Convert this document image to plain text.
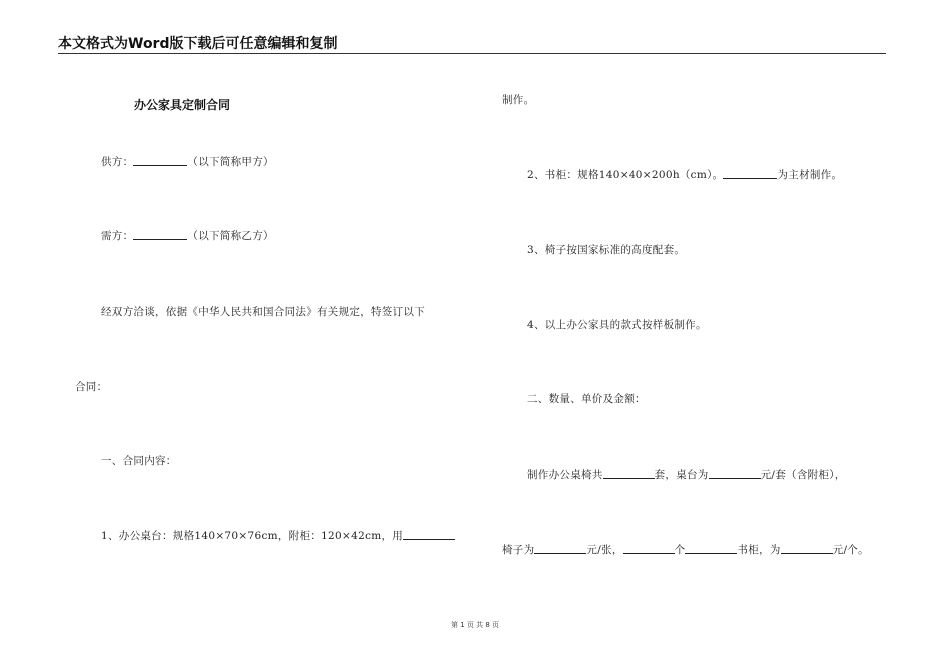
本文格式为Word版下载后可任意编辑和复制
办公家具定制合同
供方：	（以下简称甲方）
需方：	（以下简称乙方）
经双方洽谈，依据《中华人民共和国合同法》有关规定，特签订以下
合同：
一、合同内容：
1、办公桌台：规格140×70×76cm，附柜：120×42cm，用
制作。
2、书柜：规格140×40×200h（cm）。	为主材制作。
3、椅子按国家标准的高度配套。
4、以上办公家具的款式按样板制作。
二、数量、单价及金额：
制作办公桌椅共	套，桌台为	元/套（含附柜），
椅子为	元/张，	个	书柜，为	元/个。
第 1 页 共 8 页
